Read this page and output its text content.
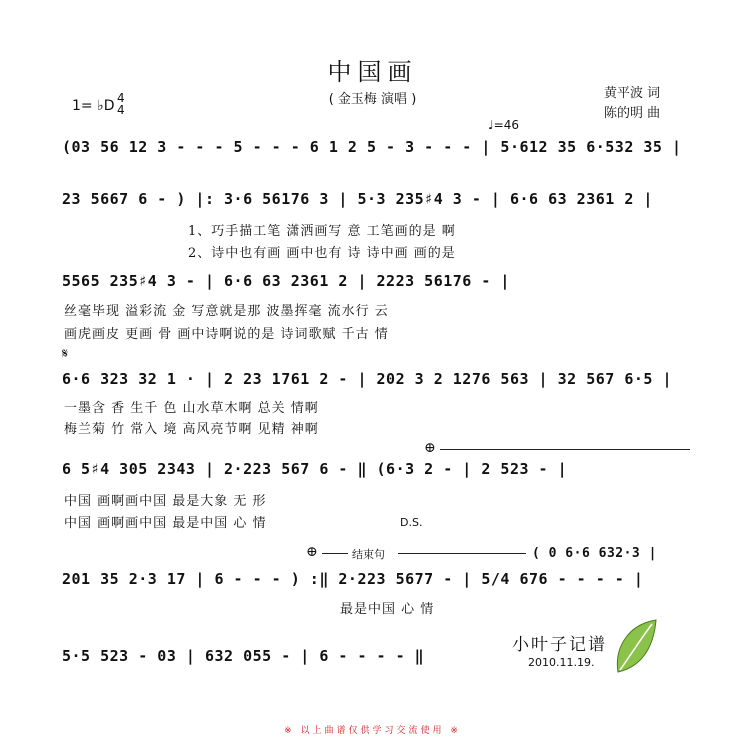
中国画
( 金玉梅 演唱 )	黄平波 词
陈的明 曲
1= ♭D 4
4
♩=46
(03 56 12 3 - - - 5 - - - 6 1 2 5 - 3 - - - | 5·612 35 6·532 35 |
23 5667 6 - ) |: 3·6 56176 3 | 5·3 235♯4 3 - | 6·6 63 2361 2 |
1、巧手描工笔 潇洒画写 意 工笔画的是 啊
2、诗中也有画 画中也有 诗 诗中画 画的是
5565 235♯4 3 - | 6·6 63 2361 2 | 2223 56176 - |
丝毫毕现 溢彩流 金 写意就是那 波墨挥毫 流水行 云
画虎画皮 更画 骨 画中诗啊说的是 诗词歌赋 千古 情
𝄋
6·6 323 32 1 · | 2 23 1761 2 - | 202 3 2 1276 563 | 32 567 6·5 |
一墨含 香 生千 色 山水草木啊 总关 情啊
梅兰菊 竹 常入 境 高风亮节啊 见精 神啊
⊕
6 5♯4 305 2343 | 2·223 567 6 - ‖ (6·3 2 - | 2 523 - |
中国 画啊画中国 最是大象 无 形
中国 画啊画中国 最是中国 心 情	D.S.
⊕	结束句	( 0 6·6 632·3 |
201 35 2·3 17 | 6 - - - ) :‖ 2·223 5677 - | 5/4 676 - - - - |
最是中国 心 情
5·5 523 - 03 | 632 055 - | 6 - - - - ‖
小叶子记谱
2010.11.19.
※ 以上曲谱仅供学习交流使用 ※
